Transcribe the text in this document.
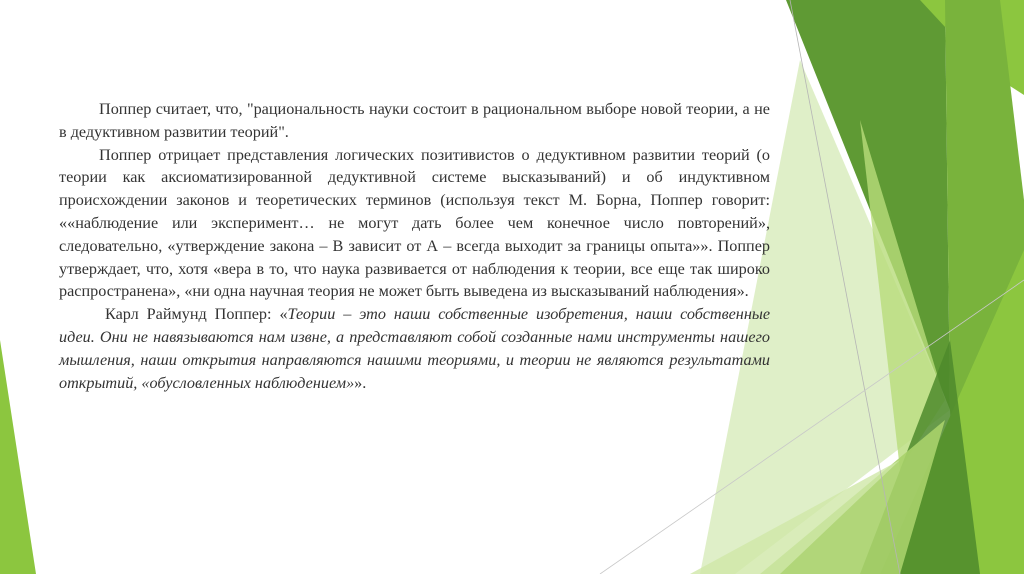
Поппер считает, что, "рациональность науки состоит в рациональном выборе новой теории, а не в дедуктивном развитии теорий".

Поппер отрицает представления логических позитивистов о дедуктивном развитии теорий (о теории как аксиоматизированной дедуктивной системе высказываний) и об индуктивном происхождении законов и теоретических терминов (используя текст М. Борна, Поппер говорит: ««наблюдение или эксперимент… не могут дать более чем конечное число повторений», следовательно, «утверждение закона – В зависит от А – всегда выходит за границы опыта»». Поппер утверждает, что, хотя «вера в то, что наука развивается от наблюдения к теории, все еще так широко распространена», «ни одна научная теория не может быть выведена из высказываний наблюдения».

Карл Раймунд Поппер: «Теории – это наши собственные изобретения, наши собственные идеи. Они не навязываются нам извне, а представляют собой созданные нами инструменты нашего мышления, наши открытия направляются нашими теориями, и теории не являются результатами открытий, «обусловленных наблюдением»».
